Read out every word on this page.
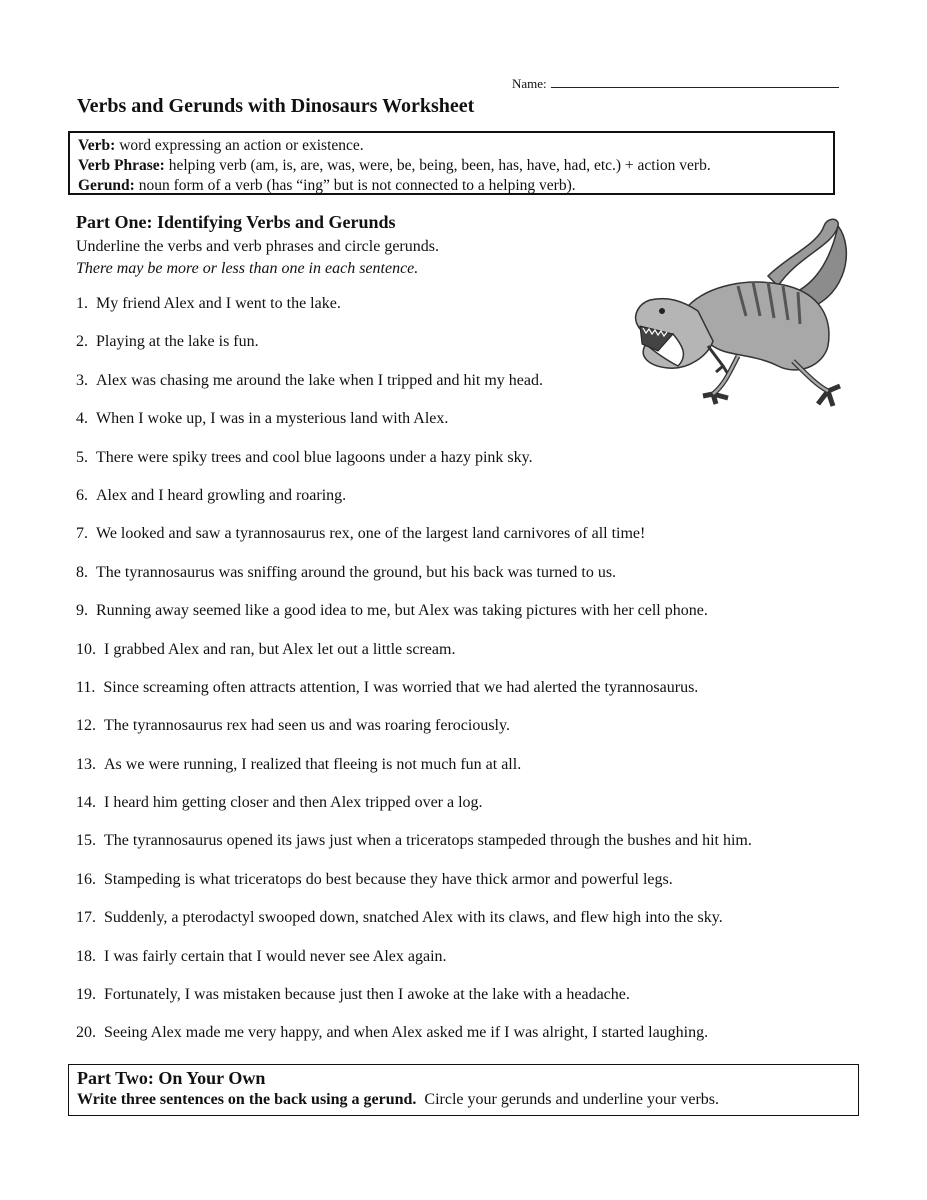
Name:
Verbs and Gerunds with Dinosaurs Worksheet
Verb: word expressing an action or existence.
Verb Phrase: helping verb (am, is, are, was, were, be, being, been, has, have, had, etc.) + action verb.
Gerund: noun form of a verb (has “ing” but is not connected to a helping verb).
Part One: Identifying Verbs and Gerunds
Underline the verbs and verb phrases and circle gerunds.
There may be more or less than one in each sentence.
1. My friend Alex and I went to the lake.
2. Playing at the lake is fun.
3. Alex was chasing me around the lake when I tripped and hit my head.
4. When I woke up, I was in a mysterious land with Alex.
5. There were spiky trees and cool blue lagoons under a hazy pink sky.
6. Alex and I heard growling and roaring.
7. We looked and saw a tyrannosaurus rex, one of the largest land carnivores of all time!
8. The tyrannosaurus was sniffing around the ground, but his back was turned to us.
9. Running away seemed like a good idea to me, but Alex was taking pictures with her cell phone.
10. I grabbed Alex and ran, but Alex let out a little scream.
11. Since screaming often attracts attention, I was worried that we had alerted the tyrannosaurus.
12. The tyrannosaurus rex had seen us and was roaring ferociously.
13. As we were running, I realized that fleeing is not much fun at all.
14. I heard him getting closer and then Alex tripped over a log.
15. The tyrannosaurus opened its jaws just when a triceratops stampeded through the bushes and hit him.
16. Stampeding is what triceratops do best because they have thick armor and powerful legs.
17. Suddenly, a pterodactyl swooped down, snatched Alex with its claws, and flew high into the sky.
18. I was fairly certain that I would never see Alex again.
19. Fortunately, I was mistaken because just then I awoke at the lake with a headache.
20. Seeing Alex made me very happy, and when Alex asked me if I was alright, I started laughing.
Part Two: On Your Own
Write three sentences on the back using a gerund.  Circle your gerunds and underline your verbs.
